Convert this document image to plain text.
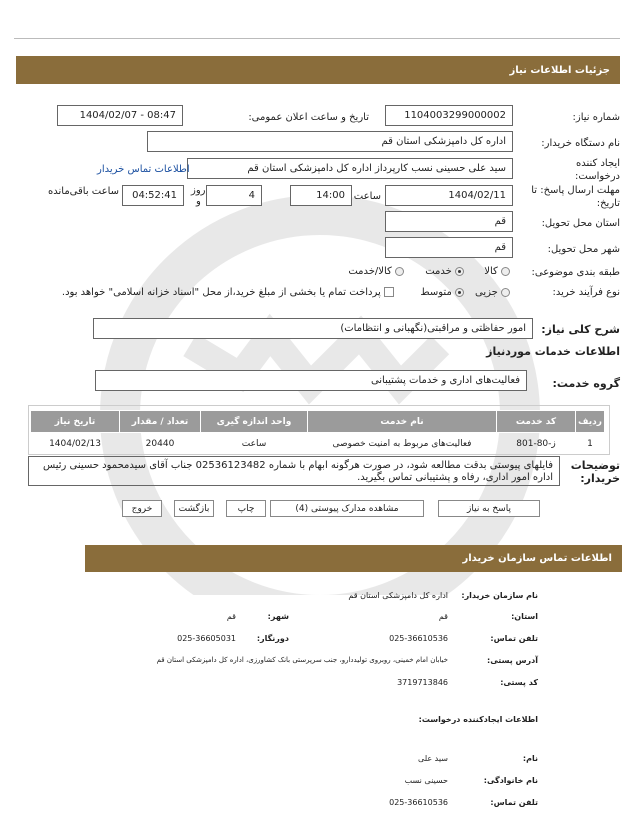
جزئیات اطلاعات نیاز
شماره نیاز:
1104003299000002
تاریخ و ساعت اعلان عمومی:
1404/02/07 - 08:47
نام دستگاه خریدار:
اداره کل دامپزشکی استان قم
ایجاد کننده درخواست:
سید علی حسینی نسب کارپرداز اداره کل دامپزشکی استان قم
اطلاعات تماس خریدار
مهلت ارسال پاسخ: تا تاریخ:
1404/02/11
ساعت
14:00
4
روز
و
04:52:41
ساعت باقی‌مانده
استان محل تحویل:
قم
شهر محل تحویل:
قم
طبقه بندی موضوعی:
کالا
خدمت
کالا/خدمت
نوع فرآیند خرید:
جزیی
متوسط
پرداخت تمام یا بخشی از مبلغ خرید،از محل "اسناد خزانه اسلامی" خواهد بود.
شرح کلی نیاز:
امور حفاظتی و مراقبتی(نگهبانی و انتظامات)
اطلاعات خدمات موردنیاز
گروه خدمت:
فعالیت‌های اداری و خدمات پشتیبانی
ردیف	کد خدمت	نام خدمت	واحد اندازه گیری	تعداد / مقدار	تاریخ نیاز
1	ز-80-801	فعالیت‌های مربوط به امنیت خصوصی	ساعت	20440	1404/02/13
توضیحات خریدار:
فایلهای پیوستی بدقت مطالعه شود، در صورت هرگونه ابهام با شماره 02536123482 جناب آقای سیدمحمود حسینی رئیس اداره امور اداری، رفاه و پشتیبانی تماس بگیرید.
پاسخ به نیاز
مشاهده مدارک پیوستی (4)
چاپ
بازگشت
خروج
اطلاعات تماس سازمان خریدار
نام سازمان خریدار:
اداره کل دامپزشکی استان قم
استان:
قم
شهر:
قم
تلفن تماس:
025-36610536
دورنگار:
025-36605031
آدرس پستی:
خیابان امام خمینی، روبروی تولیددارو، جنب سرپرستی بانک کشاورزی، اداره کل دامپزشکی استان قم
کد پستی:
3719713846
اطلاعات ایجادکننده درخواست:
نام:
سید علی
نام خانوادگی:
حسینی نسب
تلفن تماس:
025-36610536
